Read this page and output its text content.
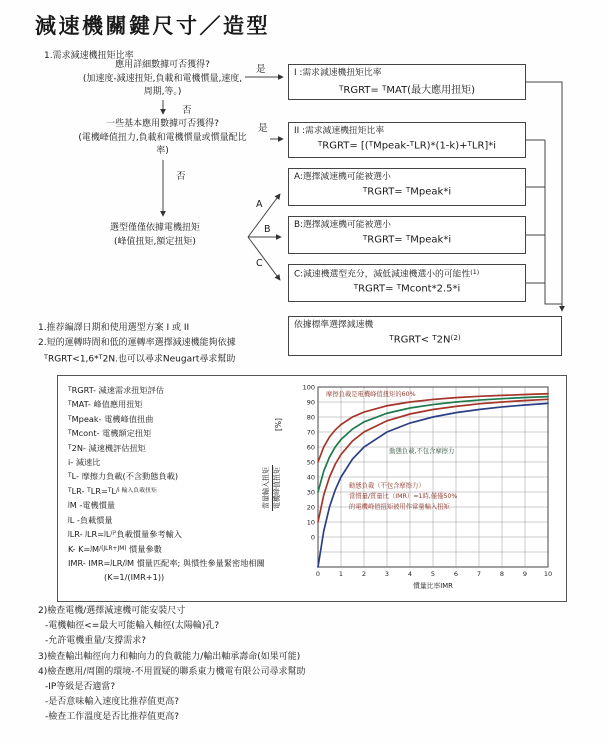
減速機關鍵尺寸／造型
1.需求減速機扭矩比率
應用詳細數據可否獲得?
(加速度-減速扭矩,負載和電機慣量,速度,
周期,等。)
是
否
一些基本應用數據可否獲得?
(電機峰值扭力,負載和電機慣量或慣量配比
率)
是
否
選型僅僅依據電機扭矩
(峰值扭矩,額定扭矩)
A
B
C
I :需求減速機扭矩比率
$^T$RGRT= $^T$MAT(最大應用扭矩)
II :需求減速機扭矩比率
$^T$RGRT= [($^T$Mpeak-$^T$LR)*(1-k)+$^T$LR]*i
A:選擇減速機可能被選小
$^T$RGRT= $^T$Mpeak*i
B:選擇減速機可能被選小
$^T$RGRT= $^T$Mpeak*i
C:減速機選型充分，減低減速機選小的可能性$^{(1)}$
$^T$RGRT= $^T$Mcont*2.5*i
依據標準選擇減速機
$^T$RGRT< $^T2N^{(2)}$
1.推荐編譯日期和使用選型方案 I 或 II
2.短的運轉時間和低的運轉率選擇減速機能夠依據
$^T$RGRT<1,6*$^T$2N.也可以尋求Neugart尋求幫助
$^T$RGRT- 減速需求扭矩評估
$^T$MAT- 峰值應用扭矩
$^T$Mpeak- 電機峰值扭曲
$^T$Mcont- 電機額定扭矩
$^T$2N- 減速機評估扭矩
i- 減速比
$^T$L- 摩擦力負載(不含動態負載)
$^T$LR- $^TLR=^TL^{/i 輸入負載扭矩}$
$^J$M -電機慣量
$^J$L -負載慣量
$^J$LR- $^JLR=^JL^{/i^2}$負載慣量參考輸入
K- $K=^JM^{/(JLR+JM)}$ 慣量參數
IMR- IMR=$^J$LR/$^J$M 慣量匹配率; 與慣性參量緊密地相關
(K=1/(IMR+1))
[%]
當量輸入扭矩 電機峰值扭矩
0
10
20
30
40
50
60
70
80
90
100
0	1	2	3	4	5	6	7	8	9	10
慣量比率IMR
摩擦負載是電機峰值扭矩的60%
動態負載,不包含摩擦力
動態負載（不包含摩擦力）
當慣量/質量比（IMR）=1時,僅僅50%
的電機峰值扭矩被用作當量輸入扭矩
2)檢查電機/選擇減速機可能安裝尺寸
-電機軸徑<=最大可能輸入軸徑(太陽輪)孔?
-允許電機重量/支撐需求?
3)檢查輸出軸徑向力和軸向力的負載能力/輸出軸承壽命(如果可能)
4)檢查應用/周圍的環境-不用置疑的聯系東力機電有限公司尋求幫助
-IP等級是否適當?
-是否意味輸入速度比推荐值更高?
-檢查工作溫度是否比推荐值更高?
